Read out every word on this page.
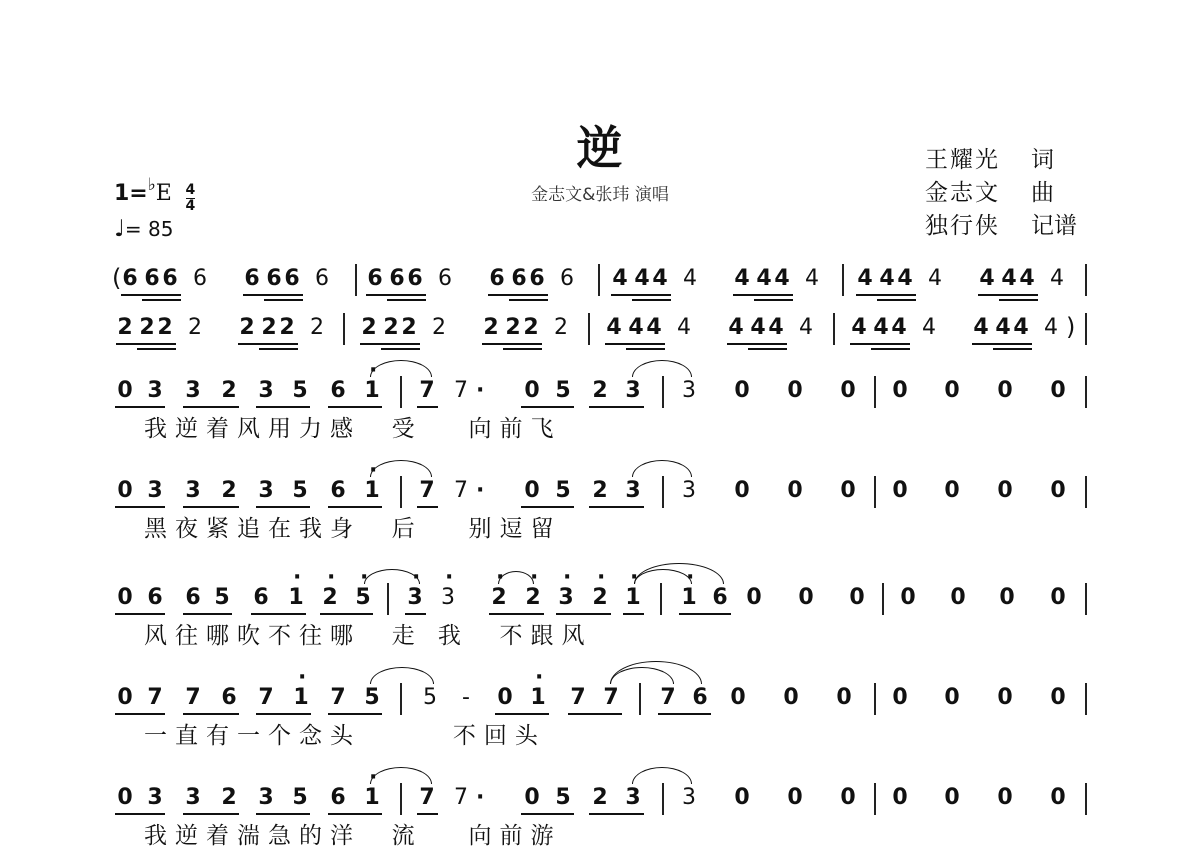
逆
金志文&张玮 演唱
王耀光 词
金志文 曲
独行侠 记谱
$1=^♭E \frac{4}{4}$
♩= 85
6 6 6 6 6 6 6 6 6 6 6 6 6 6 6 6 4 4 4 4 4 4 4 4 4 4 4 4 4 4 4 4
(
2 2 2 2 2 2 2 2 2 2 2 2 2 2 2 2 4 4 4 4 4 4 4 4 4 4 4 4 4 4 4 4 )
0 3 3 2 3 5 6 1
·
7 7 · 0 5 2 3 3 0 0 0 0 0 0 0
0 3 3 2 3 5 6 1
·
7 7 · 0 5 2 3 3 0 0 0 0 0 0 0
0 3 3 2 3 5 6 1
·
7 7 · 0 5 2 3 3 0 0 0 0 0 0 0
0 6 6 5 6 1
·
2
·
5
·
3
·
3
·
2
·
2
·
3
·
2
·
1
·
1
·
6 0 0 0 0 0 0 0
0 7 7 6 7 1
·
7 5 5	-	0 1
·
7 7 7 6 0 0 0 0 0 0 0
我逆着风用力感  受   向前飞
黑夜紧追在我身  后   别逗留
风往哪吹不往哪  走 我  不跟风
一直有一个念头      不回头
我逆着湍急的洋  流   向前游
